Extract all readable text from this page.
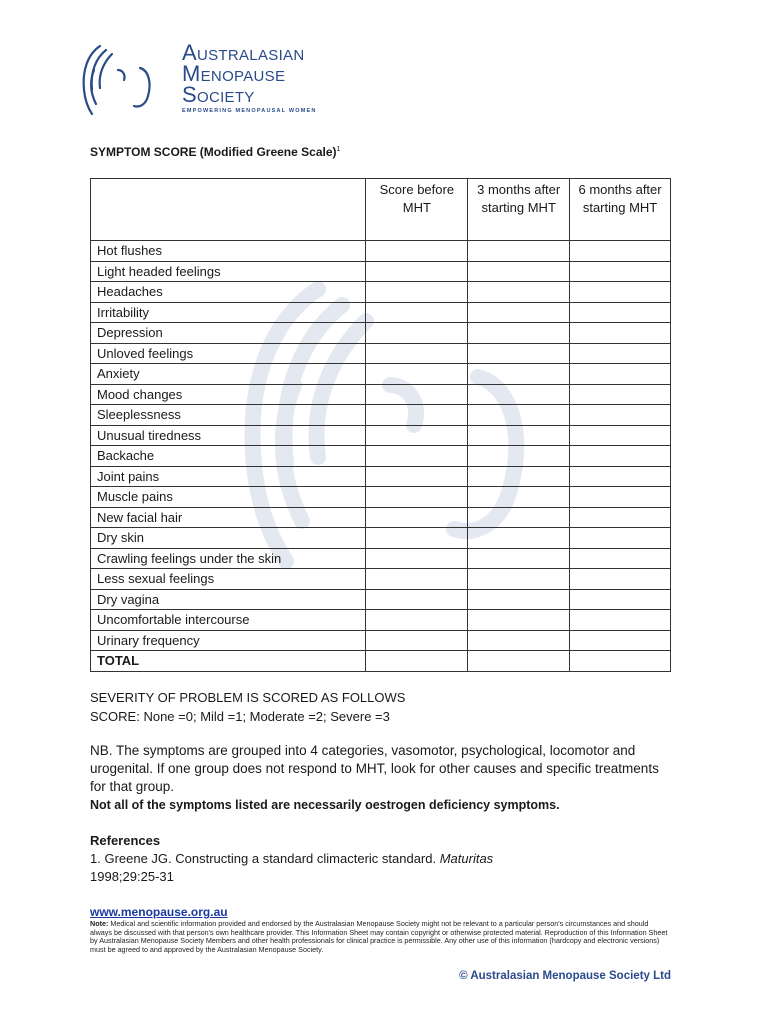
Australasian
Menopause
Society
EMPOWERING MENOPAUSAL WOMEN
SYMPTOM SCORE (Modified Greene Scale)$^1$
	Score before MHT	3 months after starting MHT	6 months after starting MHT
Hot flushes			
Light headed feelings			
Headaches			
Irritability			
Depression			
Unloved feelings			
Anxiety			
Mood changes			
Sleeplessness			
Unusual tiredness			
Backache			
Joint pains			
Muscle pains			
New facial hair			
Dry skin			
Crawling feelings under the skin			
Less sexual feelings			
Dry vagina			
Uncomfortable intercourse			
Urinary frequency			
TOTAL			
SEVERITY OF PROBLEM IS SCORED AS FOLLOWS
SCORE: None =0; Mild =1; Moderate =2; Severe =3
NB. The symptoms are grouped into 4 categories, vasomotor, psychological, locomotor and urogenital. If one group does not respond to MHT, look for other causes and specific treatments for that group.
Not all of the symptoms listed are necessarily oestrogen deficiency symptoms.
References
1. Greene JG. Constructing a standard climacteric standard. Maturitas
1998;29:25-31
www.menopause.org.au
Note: Medical and scientific information provided and endorsed by the Australasian Menopause Society might not be relevant to a particular person's circumstances and should always be discussed with that person's own healthcare provider. This Information Sheet may contain copyright or otherwise protected material. Reproduction of this Information Sheet by Australasian Menopause Society Members and other health professionals for clinical practice is permissible. Any other use of this information (hardcopy and electronic versions) must be agreed to and approved by the Australasian Menopause Society.
© Australasian Menopause Society Ltd
